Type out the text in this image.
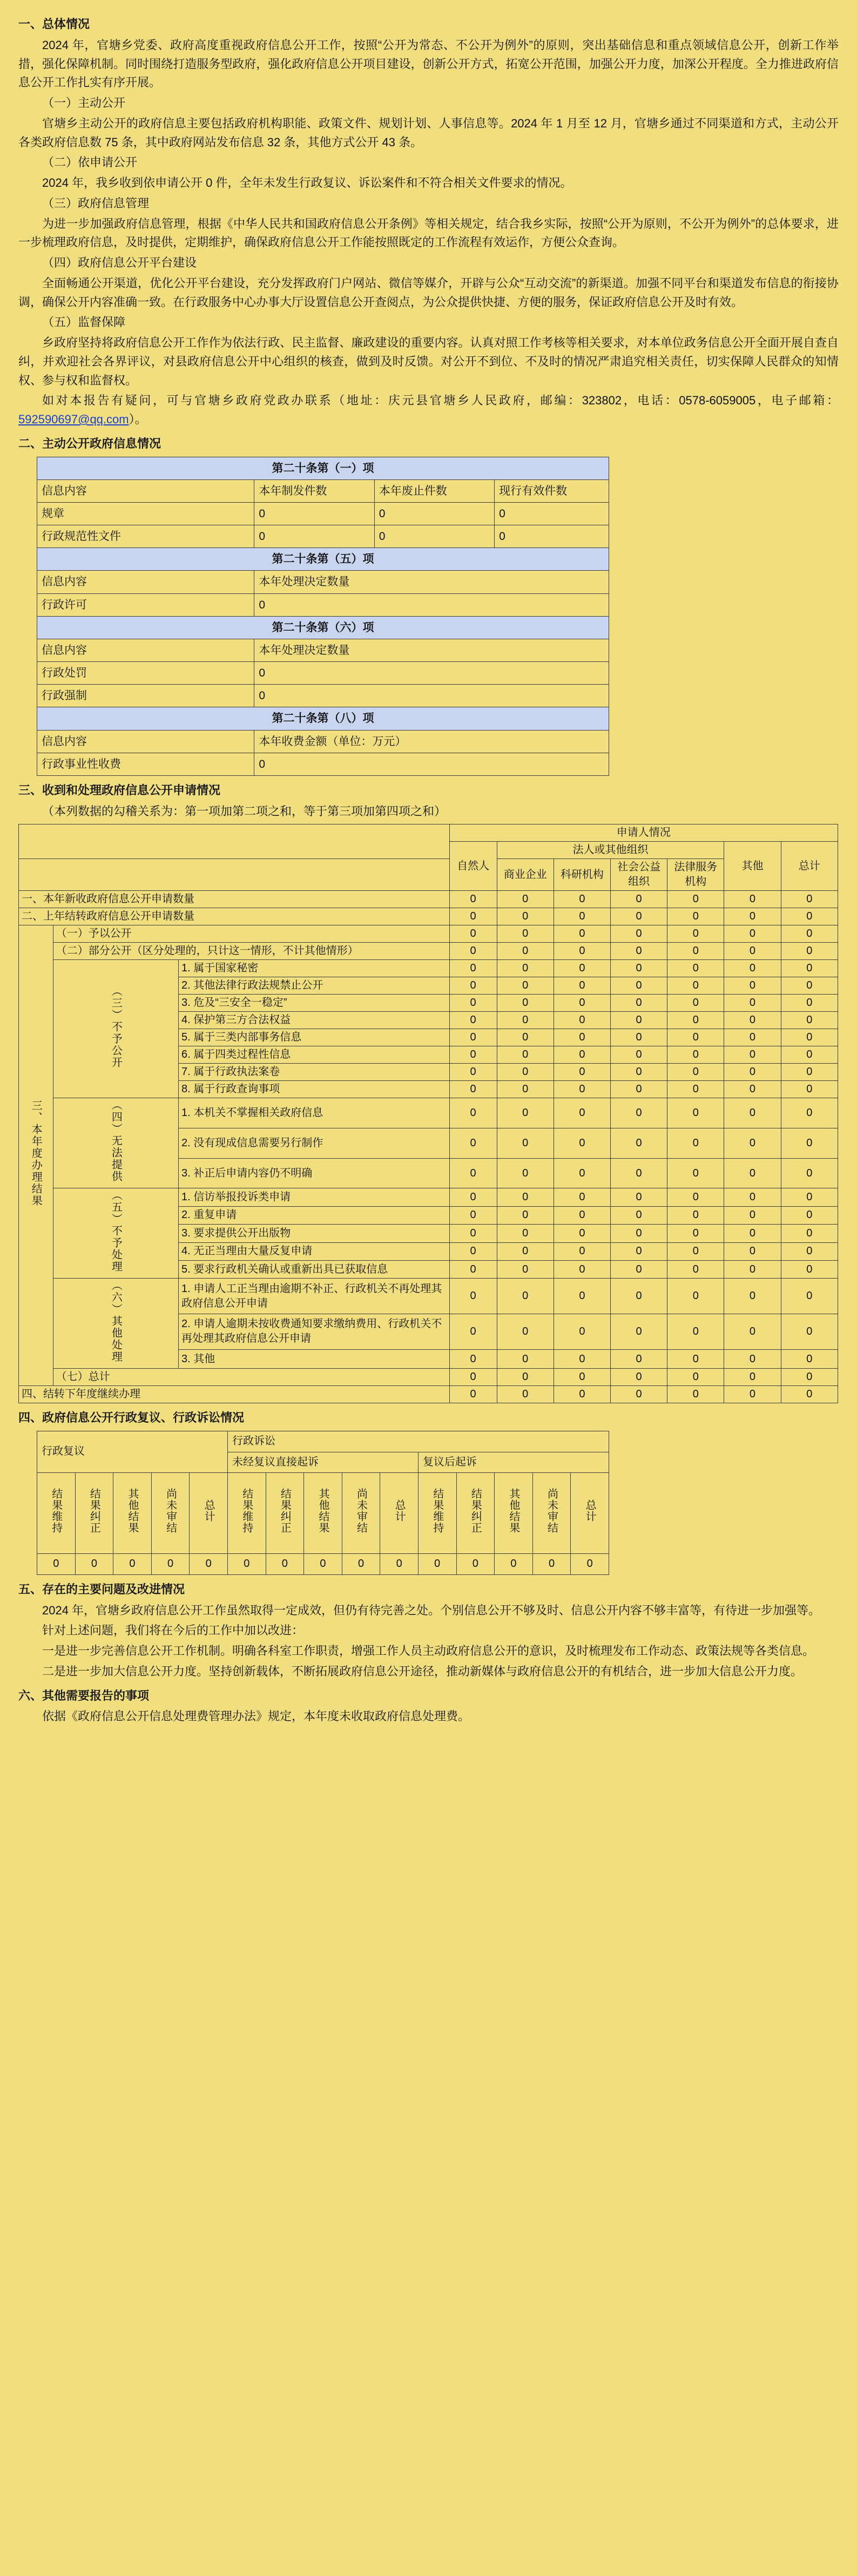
一、总体情况

2024 年，官塘乡党委、政府高度重视政府信息公开工作，按照“公开为常态、不公开为例外”的原则，突出基础信息和重点领域信息公开，创新工作举措，强化保障机制。同时围绕打造服务型政府，强化政府信息公开项目建设，创新公开方式，拓宽公开范围，加强公开力度，加深公开程度。全力推进政府信息公开工作扎实有序开展。

（一）主动公开

官塘乡主动公开的政府信息主要包括政府机构职能、政策文件、规划计划、人事信息等。2024 年 1 月至 12 月，官塘乡通过不同渠道和方式，主动公开各类政府信息数 75 条，其中政府网站发布信息 32 条，其他方式公开 43 条。

（二）依申请公开

2024 年，我乡收到依申请公开 0 件，全年未发生行政复议、诉讼案件和不符合相关文件要求的情况。

（三）政府信息管理

为进一步加强政府信息管理，根据《中华人民共和国政府信息公开条例》等相关规定，结合我乡实际，按照“公开为原则，不公开为例外”的总体要求，进一步梳理政府信息，及时提供，定期维护，确保政府信息公开工作能按照既定的工作流程有效运作，方便公众查询。

（四）政府信息公开平台建设

全面畅通公开渠道，优化公开平台建设，充分发挥政府门户网站、微信等媒介，开辟与公众“互动交流”的新渠道。加强不同平台和渠道发布信息的衔接协调，确保公开内容准确一致。在行政服务中心办事大厅设置信息公开查阅点，为公众提供快捷、方便的服务，保证政府信息公开及时有效。

（五）监督保障

乡政府坚持将政府信息公开工作作为依法行政、民主监督、廉政建设的重要内容。认真对照工作考核等相关要求，对本单位政务信息公开全面开展自查自纠，并欢迎社会各界评议，对县政府信息公开中心组织的核查，做到及时反馈。对公开不到位、不及时的情况严肃追究相关责任，切实保障人民群众的知情权、参与权和监督权。

如对本报告有疑问，可与官塘乡政府党政办联系（地址：庆元县官塘乡人民政府，邮编：323802，电话：0578-6059005，电子邮箱：592590697@qq.com）。

二、主动公开政府信息情况
第二十条第（一）项			
信息内容	本年制发件数	本年废止件数	现行有效件数
规章	0	0	0
行政规范性文件	0	0	0
第二十条第（五）项			
信息内容	本年处理决定数量		
行政许可	0		
第二十条第（六）项			
信息内容	本年处理决定数量		
行政处罚	0		
行政强制	0		
第二十条第（八）项			
信息内容	本年收费金额（单位：万元）		
行政事业性收费	0		
三、收到和处理政府信息公开申请情况

（本列数据的勾稽关系为：第一项加第二项之和，等于第三项加第四项之和）

			申请人情况						
			自然人	法人或其他组织				其他	总计
				商业企业	科研机构	社会公益组织	法律服务机构		
一、本年新收政府信息公开申请数量			0	0	0	0	0	0	0
二、上年结转政府信息公开申请数量			0	0	0	0	0	0	0
三、本年度办理结果	（一）予以公开		0	0	0	0	0	0	0
	（二）部分公开（区分处理的，只计这一情形，不计其他情形）		0	0	0	0	0	0	0
	（三）不予公开	1. 属于国家秘密	0	0	0	0	0	0	0
		2. 其他法律行政法规禁止公开	0	0	0	0	0	0	0
		3. 危及“三安全一稳定”	0	0	0	0	0	0	0
		4. 保护第三方合法权益	0	0	0	0	0	0	0
		5. 属于三类内部事务信息	0	0	0	0	0	0	0
		6. 属于四类过程性信息	0	0	0	0	0	0	0
		7. 属于行政执法案卷	0	0	0	0	0	0	0
		8. 属于行政查询事项	0	0	0	0	0	0	0
	（四）无法提供	1. 本机关不掌握相关政府信息	0	0	0	0	0	0	0
		2. 没有现成信息需要另行制作	0	0	0	0	0	0	0
		3. 补正后申请内容仍不明确	0	0	0	0	0	0	0
	（五）不予处理	1. 信访举报投诉类申请	0	0	0	0	0	0	0
		2. 重复申请	0	0	0	0	0	0	0
		3. 要求提供公开出版物	0	0	0	0	0	0	0
		4. 无正当理由大量反复申请	0	0	0	0	0	0	0
		5. 要求行政机关确认或重新出具已获取信息	0	0	0	0	0	0	0
	（六）其他处理	1. 申请人工正当理由逾期不补正、行政机关不再处理其政府信息公开申请	0	0	0	0	0	0	0
		2. 申请人逾期未按收费通知要求缴纳费用、行政机关不再处理其政府信息公开申请	0	0	0	0	0	0	0
		3. 其他	0	0	0	0	0	0	0
	（七）总计		0	0	0	0	0	0	0
四、结转下年度继续办理			0	0	0	0	0	0	0
四、政府信息公开行政复议、行政诉讼情况
行政复议					行政诉讼									
					未经复议直接起诉					复议后起诉				
结果维持	结果纠正	其他结果	尚未审结	总计	结果维持	结果纠正	其他结果	尚未审结	总计	结果维持	结果纠正	其他结果	尚未审结	总计
0	0	0	0	0	0	0	0	0	0	0	0	0	0	0
五、存在的主要问题及改进情况

2024 年，官塘乡政府信息公开工作虽然取得一定成效，但仍有待完善之处。个别信息公开不够及时、信息公开内容不够丰富等，有待进一步加强等。

针对上述问题，我们将在今后的工作中加以改进：

一是进一步完善信息公开工作机制。明确各科室工作职责，增强工作人员主动政府信息公开的意识，及时梳理发布工作动态、政策法规等各类信息。

二是进一步加大信息公开力度。坚持创新载体，不断拓展政府信息公开途径，推动新媒体与政府信息公开的有机结合，进一步加大信息公开力度。

六、其他需要报告的事项

依据《政府信息公开信息处理费管理办法》规定，本年度未收取政府信息处理费。
